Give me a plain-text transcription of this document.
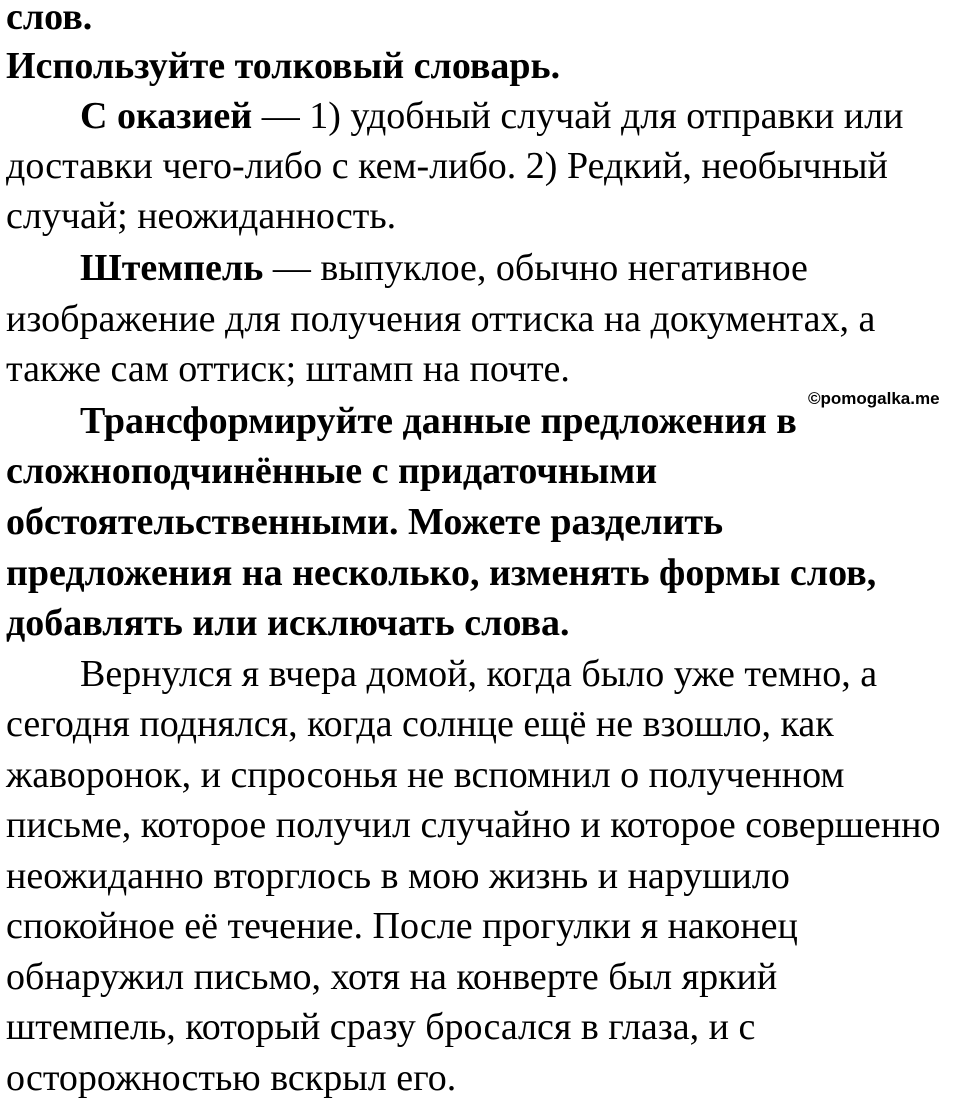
слов.
Используйте толковый словарь.
С оказией — 1) удобный случай для отправки или
доставки чего-либо с кем-либо. 2) Редкий, необычный
случай; неожиданность.
Штемпель — выпуклое, обычно негативное
изображение для получения оттиска на документах, а
также сам оттиск; штамп на почте.
Трансформируйте данные предложения в
сложноподчинённые с придаточными
обстоятельственными. Можете разделить
предложения на несколько, изменять формы слов,
добавлять или исключать слова.
Вернулся я вчера домой, когда было уже темно, а
сегодня поднялся, когда солнце ещё не взошло, как
жаворонок, и спросонья не вспомнил о полученном
письме, которое получил случайно и которое совершенно
неожиданно вторглось в мою жизнь и нарушило
спокойное её течение. После прогулки я наконец
обнаружил письмо, хотя на конверте был яркий
штемпель, который сразу бросался в глаза, и с
осторожностью вскрыл его.
©pomogalka.me
